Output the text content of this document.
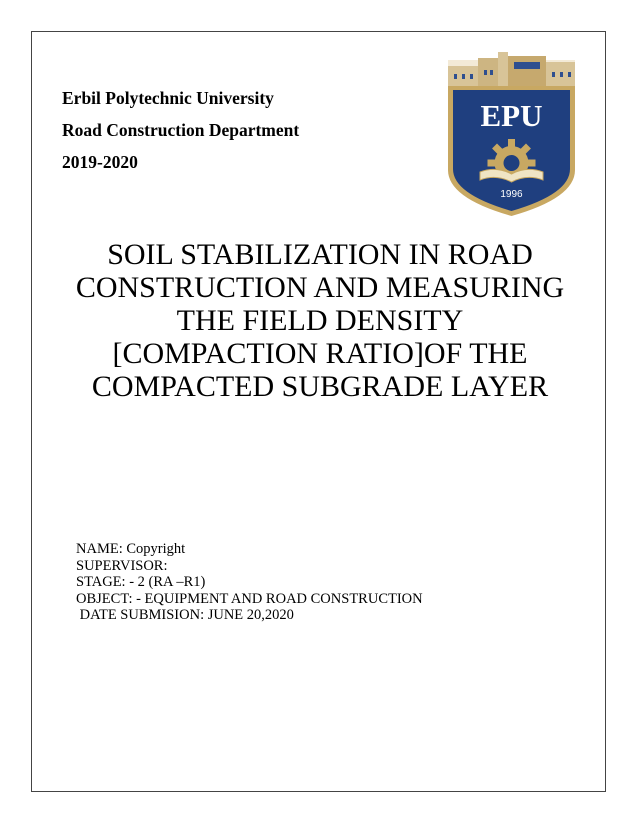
Erbil Polytechnic University
Road Construction Department
2019-2020
EPU
1996
SOIL STABILIZATION IN ROAD
CONSTRUCTION AND MEASURING
THE FIELD DENSITY
[COMPACTION RATIO]OF THE
COMPACTED SUBGRADE LAYER
NAME: Copyright
SUPERVISOR:
STAGE: - 2 (RA –R1)
OBJECT: - EQUIPMENT AND ROAD CONSTRUCTION
DATE SUBMISION: JUNE 20,2020
